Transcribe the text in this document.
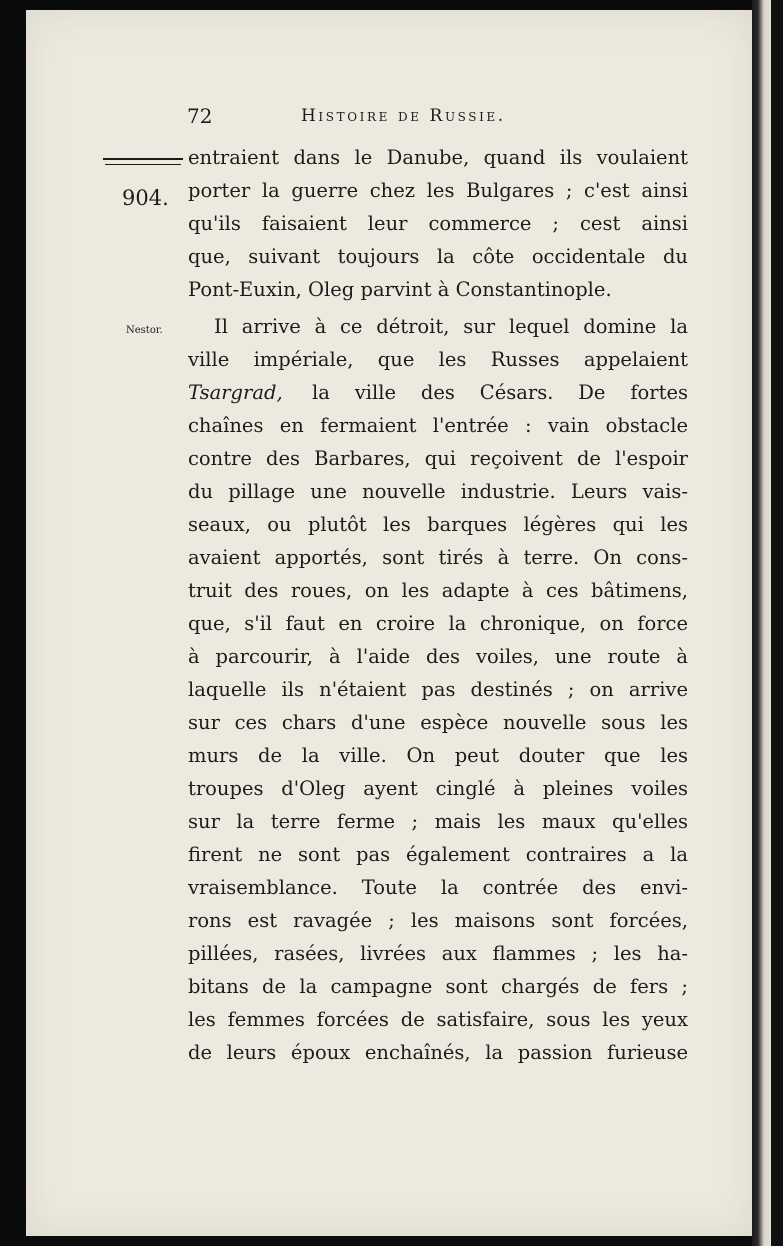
72	Histoire de Russie.
904.
Nestor.
entraient dans le Danube, quand ils voulaient
porter la guerre chez les Bulgares ; c'est ainsi
qu'ils faisaient leur commerce ; cest ainsi
que, suivant toujours la côte occidentale du
Pont-Euxin, Oleg parvint à Constantinople.
Il arrive à ce détroit, sur lequel domine la
ville impériale, que les Russes appelaient
Tsargrad,	la ville des Césars. De fortes
chaînes en fermaient l'entrée : vain obstacle
contre des Barbares, qui reçoivent de l'espoir
du pillage une nouvelle industrie. Leurs vais-
seaux, ou plutôt les barques légères qui les
avaient apportés, sont tirés à terre. On cons-
truit des roues, on les adapte à ces bâtimens,
que, s'il faut en croire la chronique, on force
à parcourir, à l'aide des voiles, une route à
laquelle ils n'étaient pas destinés ; on arrive
sur ces chars d'une espèce nouvelle sous les
murs de la ville. On peut douter que les
troupes d'Oleg ayent cinglé à pleines voiles
sur la terre ferme ; mais les maux qu'elles
firent ne sont pas également contraires a la
vraisemblance. Toute la contrée des envi-
rons est ravagée ; les maisons sont forcées,
pillées, rasées, livrées aux flammes ; les ha-
bitans de la campagne sont chargés de fers ;
les femmes forcées de satisfaire, sous les yeux
de leurs époux enchaînés, la passion furieuse
